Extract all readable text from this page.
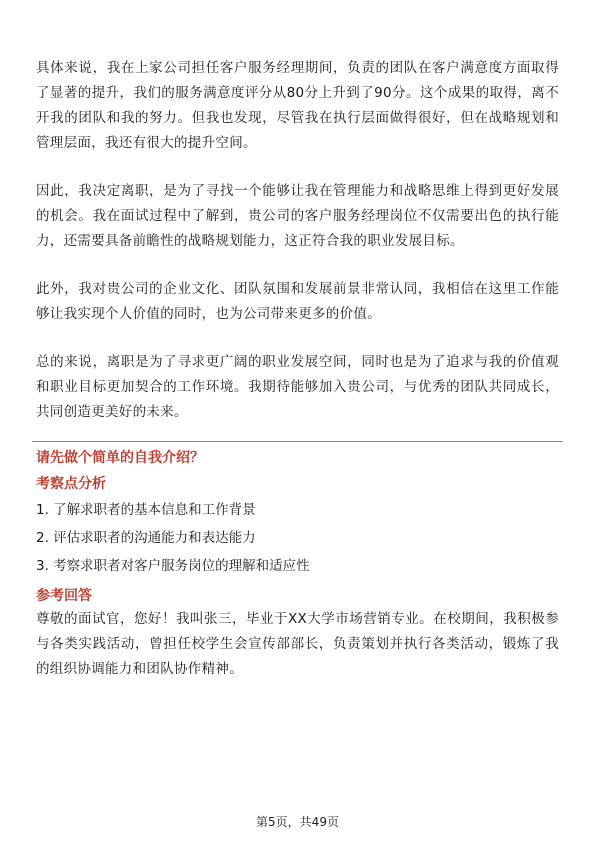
具体来说，我在上家公司担任客户服务经理期间，负责的团队在客户满意度方面取得了显著的提升，我们的服务满意度评分从80分上升到了90分。这个成果的取得，离不开我的团队和我的努力。但我也发现，尽管我在执行层面做得很好，但在战略规划和管理层面，我还有很大的提升空间。

因此，我决定离职，是为了寻找一个能够让我在管理能力和战略思维上得到更好发展的机会。我在面试过程中了解到，贵公司的客户服务经理岗位不仅需要出色的执行能力，还需要具备前瞻性的战略规划能力，这正符合我的职业发展目标。

此外，我对贵公司的企业文化、团队氛围和发展前景非常认同，我相信在这里工作能够让我实现个人价值的同时，也为公司带来更多的价值。

总的来说，离职是为了寻求更广阔的职业发展空间，同时也是为了追求与我的价值观和职业目标更加契合的工作环境。我期待能够加入贵公司，与优秀的团队共同成长，共同创造更美好的未来。

请先做个简单的自我介绍？
考察点分析
1. 了解求职者的基本信息和工作背景
2. 评估求职者的沟通能力和表达能力
3. 考察求职者对客户服务岗位的理解和适应性
参考回答

尊敬的面试官，您好！我叫张三，毕业于XX大学市场营销专业。在校期间，我积极参与各类实践活动，曾担任校学生会宣传部部长，负责策划并执行各类活动，锻炼了我的组织协调能力和团队协作精神。

第5页，共49页
